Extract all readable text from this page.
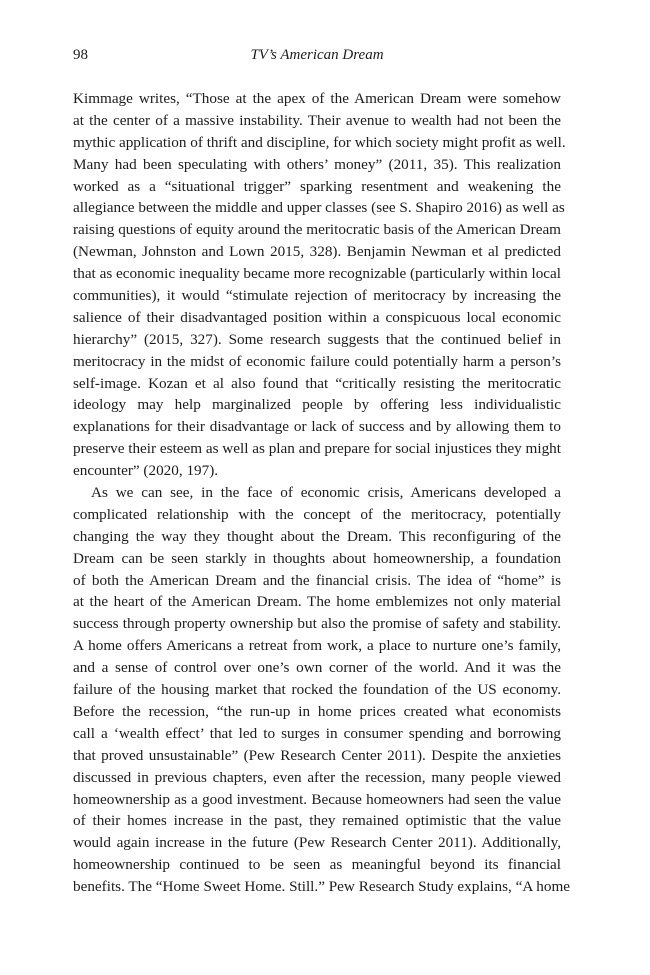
98	TV’s American Dream
Kimmage writes, “Those at the apex of the American Dream were somehow
at the center of a massive instability. Their avenue to wealth had not been the
mythic application of thrift and discipline, for which society might profit as well.
Many had been speculating with others’ money” (2011, 35). This realization
worked as a “situational trigger” sparking resentment and weakening the
allegiance between the middle and upper classes (see S. Shapiro 2016) as well as
raising questions of equity around the meritocratic basis of the American Dream
(Newman, Johnston and Lown 2015, 328). Benjamin Newman et al predicted
that as economic inequality became more recognizable (particularly within local
communities), it would “stimulate rejection of meritocracy by increasing the
salience of their disadvantaged position within a conspicuous local economic
hierarchy” (2015, 327). Some research suggests that the continued belief in
meritocracy in the midst of economic failure could potentially harm a person’s
self-image. Kozan et al also found that “critically resisting the meritocratic
ideology may help marginalized people by offering less individualistic
explanations for their disadvantage or lack of success and by allowing them to
preserve their esteem as well as plan and prepare for social injustices they might
encounter” (2020, 197).
As we can see, in the face of economic crisis, Americans developed a
complicated relationship with the concept of the meritocracy, potentially
changing the way they thought about the Dream. This reconfiguring of the
Dream can be seen starkly in thoughts about homeownership, a foundation
of both the American Dream and the financial crisis. The idea of “home” is
at the heart of the American Dream. The home emblemizes not only material
success through property ownership but also the promise of safety and stability.
A home offers Americans a retreat from work, a place to nurture one’s family,
and a sense of control over one’s own corner of the world. And it was the
failure of the housing market that rocked the foundation of the US economy.
Before the recession, “the run-up in home prices created what economists
call a ‘wealth effect’ that led to surges in consumer spending and borrowing
that proved unsustainable” (Pew Research Center 2011). Despite the anxieties
discussed in previous chapters, even after the recession, many people viewed
homeownership as a good investment. Because homeowners had seen the value
of their homes increase in the past, they remained optimistic that the value
would again increase in the future (Pew Research Center 2011). Additionally,
homeownership continued to be seen as meaningful beyond its financial
benefits. The “Home Sweet Home. Still.” Pew Research Study explains, “A home
